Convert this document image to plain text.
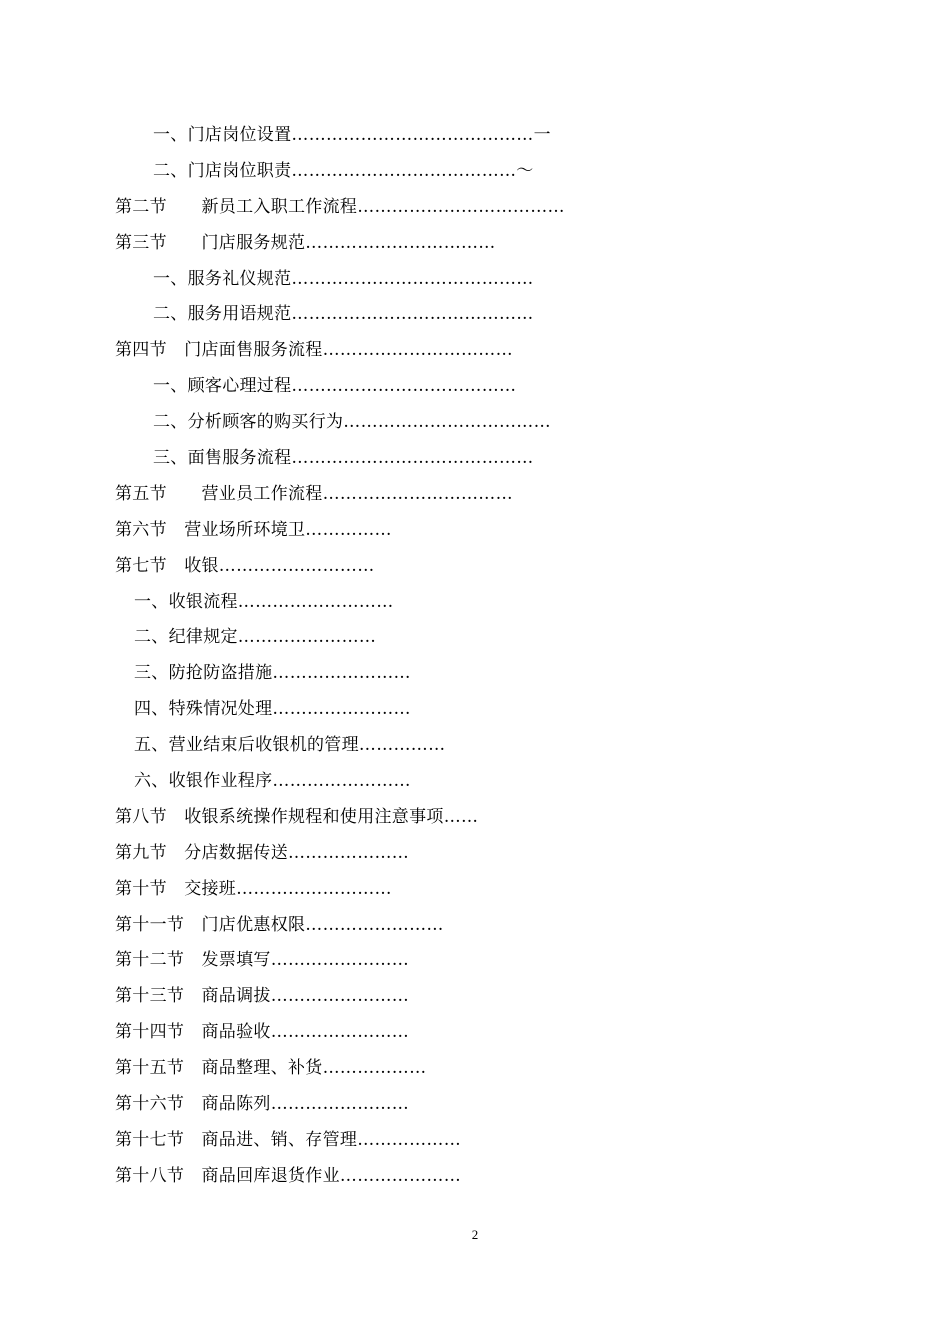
一、门店岗位设置……………………………………一
二、门店岗位职责…………………………………～
第二节　　新员工入职工作流程………………………………
第三节　　门店服务规范……………………………
一、服务礼仪规范……………………………………
二、服务用语规范……………………………………
第四节　门店面售服务流程……………………………
一、顾客心理过程…………………………………
二、分析顾客的购买行为………………………………
三、面售服务流程……………………………………
第五节　　营业员工作流程……………………………
第六节　营业场所环境卫……………
第七节　收银………………………
一、收银流程………………………
二、纪律规定……………………
三、防抢防盗措施……………………
四、特殊情况处理……………………
五、营业结束后收银机的管理……………
六、收银作业程序……………………
第八节　收银系统操作规程和使用注意事项……
第九节　分店数据传送…………………
第十节　交接班………………………
第十一节　门店优惠权限……………………
第十二节　发票填写……………………
第十三节　商品调拔……………………
第十四节　商品验收……………………
第十五节　商品整理、补货………………
第十六节　商品陈列……………………
第十七节　商品进、销、存管理………………
第十八节　商品回库退货作业…………………
2
